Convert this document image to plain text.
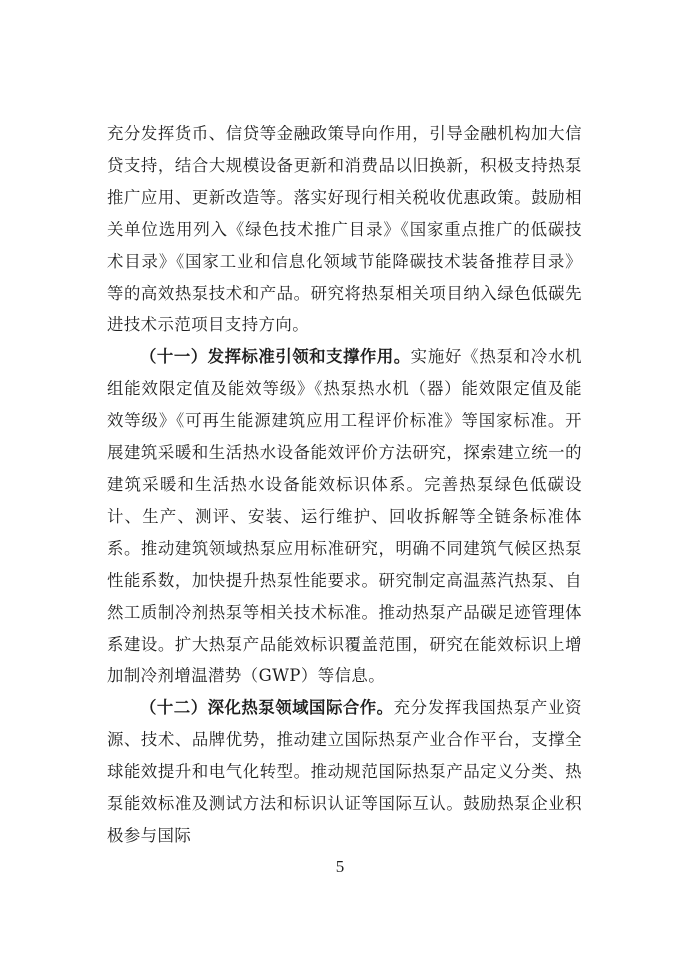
充分发挥货币、信贷等金融政策导向作用，引导金融机构加大信贷支持，结合大规模设备更新和消费品以旧换新，积极支持热泵推广应用、更新改造等。落实好现行相关税收优惠政策。鼓励相关单位选用列入《绿色技术推广目录》《国家重点推广的低碳技术目录》《国家工业和信息化领域节能降碳技术装备推荐目录》等的高效热泵技术和产品。研究将热泵相关项目纳入绿色低碳先进技术示范项目支持方向。

（十一）发挥标准引领和支撑作用。实施好《热泵和冷水机组能效限定值及能效等级》《热泵热水机（器）能效限定值及能效等级》《可再生能源建筑应用工程评价标准》等国家标准。开展建筑采暖和生活热水设备能效评价方法研究，探索建立统一的建筑采暖和生活热水设备能效标识体系。完善热泵绿色低碳设计、生产、测评、安装、运行维护、回收拆解等全链条标准体系。推动建筑领域热泵应用标准研究，明确不同建筑气候区热泵性能系数，加快提升热泵性能要求。研究制定高温蒸汽热泵、自然工质制冷剂热泵等相关技术标准。推动热泵产品碳足迹管理体系建设。扩大热泵产品能效标识覆盖范围，研究在能效标识上增加制冷剂增温潜势（GWP）等信息。

（十二）深化热泵领域国际合作。充分发挥我国热泵产业资源、技术、品牌优势，推动建立国际热泵产业合作平台，支撑全球能效提升和电气化转型。推动规范国际热泵产品定义分类、热泵能效标准及测试方法和标识认证等国际互认。鼓励热泵企业积极参与国际

5
